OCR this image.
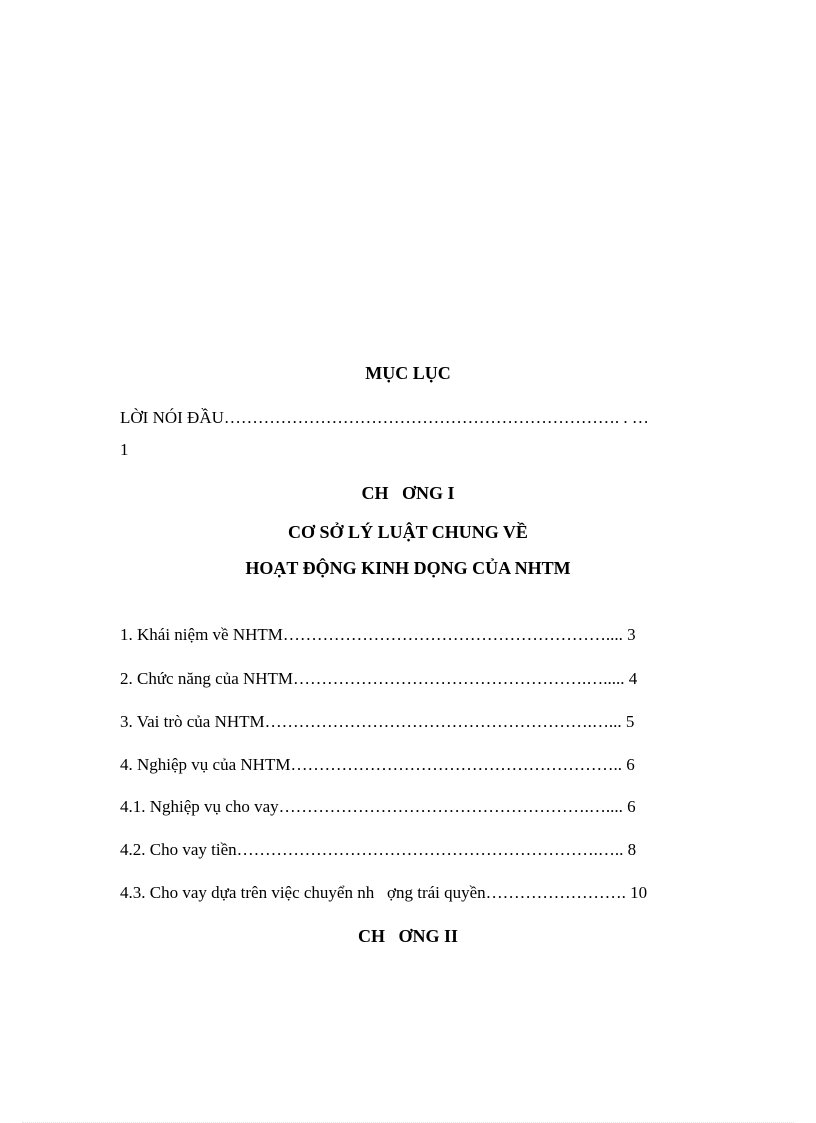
MỤC LỤC
LỜI NÓI ĐẦU……………………………………………………………. . …
1
CH   ƠNG I
CƠ SỞ LÝ LUẬT CHUNG VỀ
HOẠT ĐỘNG KINH DỌNG CỦA NHTM
1. Khái niệm về NHTM………………………………………………….... 3
2. Chức năng của NHTM…………………………………………….…..... 4
3. Vai trò của NHTM………………………………………………….…... 5
4. Nghiệp vụ của NHTM………………………………………………….. 6
4.1. Nghiệp vụ cho vay……………………………………………….….... 6
4.2. Cho vay tiền……………………………………………………….….. 8
4.3. Cho vay dựa trên việc chuyển nh   ợng trái quyền……………………. 10
CH   ƠNG II
